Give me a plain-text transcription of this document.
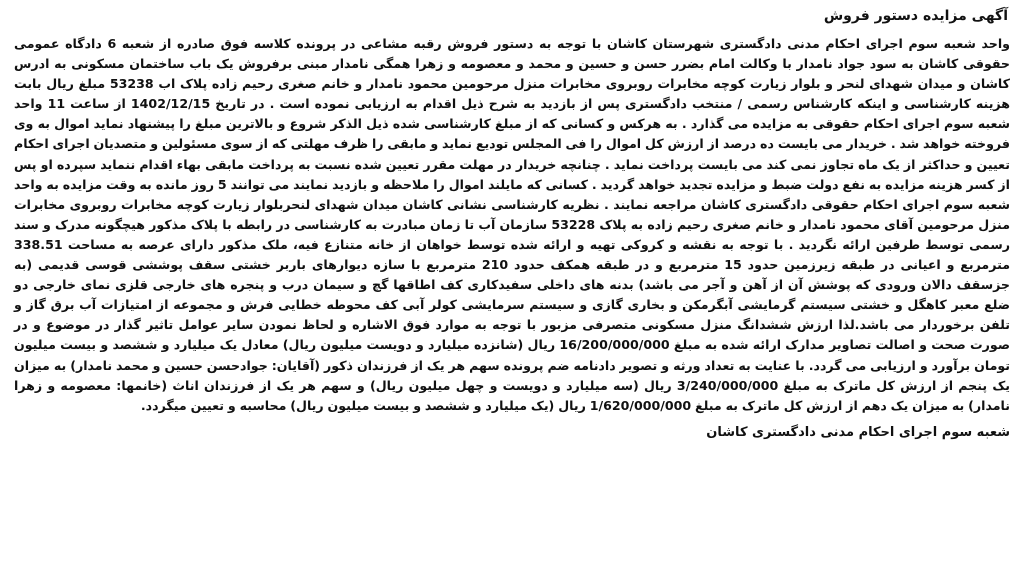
آگهی مزایده دستور فروش

واحد شعبه سوم اجرای احکام مدنی دادگستری شهرستان کاشان با توجه به دستور فروش رقبه مشاعی در پرونده کلاسه فوق صادره از شعبه 6 دادگاه عمومی حقوقی کاشان به سود جواد نامدار با وکالت امام بضرر حسن و حسین و محمد و معصومه و زهرا همگی نامدار مبنی برفروش یک باب ساختمان مسکونی به ادرس کاشان و میدان شهدای لنحر و بلوار زیارت کوچه مخابرات روبروی مخابرات منزل مرحومین محمود نامدار و خانم صغری رحیم زاده پلاک اب 53238 مبلغ ریال بابت هزینه کارشناسی و اینکه کارشناس رسمی / منتخب دادگستری پس از بازدید به شرح ذیل اقدام به ارزیابی نموده است . در تاریخ 1402/12/15 از ساعت 11 واحد شعبه سوم اجرای احکام حقوقی به مزایده می گذارد . به هرکس و کسانی که از مبلغ کارشناسی شده ذیل الذکر شروع و بالاترین مبلغ را پیشنهاد نماید اموال به وی فروخته خواهد شد . خریدار می بایست ده درصد از ارزش کل اموال را فی المجلس تودیع نماید و مابقی را ظرف مهلتی که از سوی مسئولین و متصدیان اجرای احکام تعیین و حداکثر از یک ماه تجاوز نمی کند می بایست پرداخت نماید . چنانچه خریدار در مهلت مقرر تعیین شده نسبت به پرداخت مابقی بهاء اقدام ننماید سپرده او پس از کسر هزینه مزایده به نفع دولت ضبط و مزایده تجدید خواهد گردید . کسانی که مایلند اموال را ملاحظه و بازدید نمایند می توانند 5 روز مانده به وقت مزایده به واحد شعبه سوم اجرای احکام حقوقی دادگستری کاشان مراجعه نمایند . نظریه کارشناسی نشانی کاشان میدان شهدای لنحربلوار زیارت کوچه مخابرات روبروی مخابرات منزل مرحومین آقای محمود نامدار و خانم صغری رحیم زاده به پلاک 53228 سازمان آب تا زمان مبادرت به کارشناسی در رابطه با پلاک مذکور هیچگونه مدرک و سند رسمی توسط طرفین ارائه نگردید . با توجه به نقشه و کروکی تهیه و ارائه شده توسط خواهان از خانه متنازع فیه، ملک مذکور دارای عرصه به مساحت 338.51 مترمربع و اعیانی در طبقه زیرزمین حدود 15 مترمربع و در طبقه همکف حدود 210 مترمربع با سازه دیوارهای باربر خشتی سقف پوششی قوسی قدیمی (به جزسقف دالان ورودی که پوشش آن از آهن و آجر می باشد) بدنه های داخلی سفیدکاری کف اطاقها گچ و سیمان درب و پنجره های خارجی قلزی نمای خارجی دو ضلع معبر کاهگل و خشتی سیستم گرمایشی آبگرمکن و بخاری گازی و سیستم سرمایشی کولر آبی کف محوطه خطایی فرش و مجموعه از امتیازات آب برق گاز و تلفن برخوردار می باشد.لذا ارزش ششدانگ منزل مسکونی متصرفی مزبور با توجه به موارد فوق الاشاره و لحاظ نمودن سایر عوامل تاثیر گذار در موضوع و در صورت صحت و اصالت تصاویر مدارک ارائه شده به مبلغ 16/200/000/000 ریال (شانزده میلیارد و دویست میلیون ریال) معادل یک میلیارد و ششصد و بیست میلیون تومان برآورد و ارزیابی می گردد. با عنایت به تعداد ورثه و تصویر دادنامه ضم پرونده سهم هر یک از فرزندان ذکور (آقایان: جوادحسن حسین و محمد نامدار) به میزان یک پنجم از ارزش کل ماترک به مبلغ 3/240/000/000 ریال (سه میلیارد و دویست و چهل میلیون ریال) و سهم هر یک از فرزندان اناث (خانمها: معصومه و زهرا نامدار) به میزان یک دهم از ارزش کل ماترک به مبلغ 1/620/000/000 ریال (یک میلیارد و ششصد و بیست میلیون ریال) محاسبه و تعیین میگردد.

شعبه سوم اجرای احکام مدنی دادگستری کاشان
